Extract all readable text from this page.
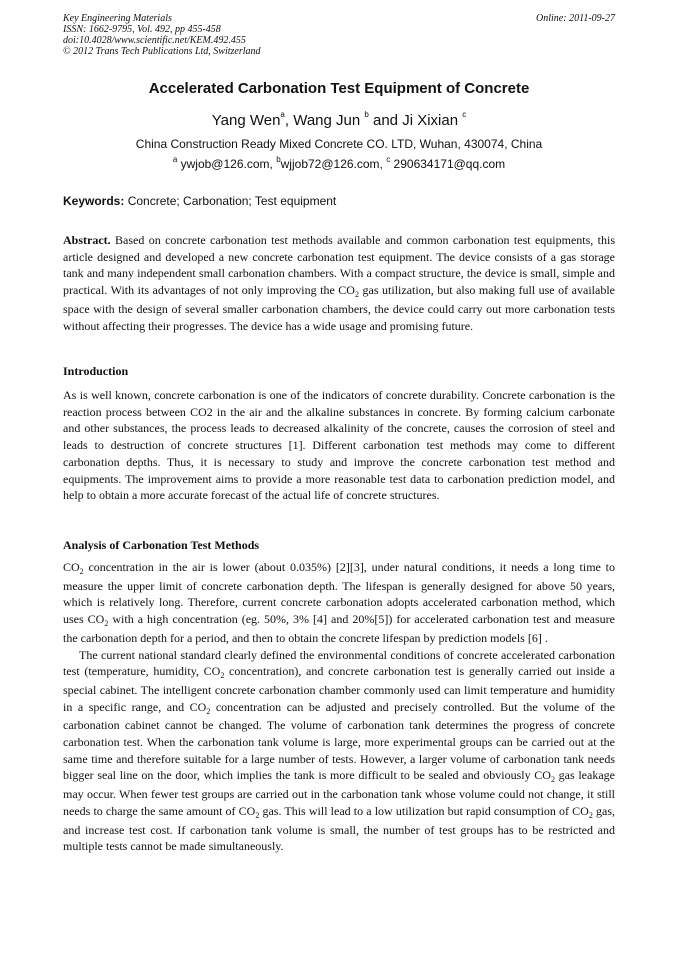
Key Engineering Materials
ISSN: 1662-9795, Vol. 492, pp 455-458
doi:10.4028/www.scientific.net/KEM.492.455
© 2012 Trans Tech Publications Ltd, Switzerland
Online: 2011-09-27
Accelerated Carbonation Test Equipment of Concrete
Yang Wen$^a$, Wang Jun $^b$ and Ji Xixian $^c$
China Construction Ready Mixed Concrete CO. LTD, Wuhan, 430074, China
$^a$ ywjob@126.com, $^b$wjjob72@126.com, $^c$ 290634171@qq.com
Keywords: Concrete; Carbonation; Test equipment

Abstract. Based on concrete carbonation test methods available and common carbonation test equipments, this article designed and developed a new concrete carbonation test equipment. The device consists of a gas storage tank and many independent small carbonation chambers. With a compact structure, the device is small, simple and practical. With its advantages of not only improving the $CO_2$ gas utilization, but also making full use of available space with the design of several smaller carbonation chambers, the device could carry out more carbonation tests without affecting their progresses. The device has a wide usage and promising future.

Introduction

As is well known, concrete carbonation is one of the indicators of concrete durability. Concrete carbonation is the reaction process between CO2 in the air and the alkaline substances in concrete. By forming calcium carbonate and other substances, the process leads to decreased alkalinity of the concrete, causes the corrosion of steel and leads to destruction of concrete structures [1]. Different carbonation test methods may come to different carbonation depths. Thus, it is necessary to study and improve the concrete carbonation test method and equipments. The improvement aims to provide a more reasonable test data to carbonation prediction model, and help to obtain a more accurate forecast of the actual life of concrete structures.

Analysis of Carbonation Test Methods

$CO_2$ concentration in the air is lower (about 0.035%) [2][3], under natural conditions, it needs a long time to measure the upper limit of concrete carbonation depth. The lifespan is generally designed for above 50 years, which is relatively long. Therefore, current concrete carbonation adopts accelerated carbonation method, which uses $CO_2$ with a high concentration (eg. 50%, 3% [4] and 20%[5]) for accelerated carbonation test and measure the carbonation depth for a period, and then to obtain the concrete lifespan by prediction models [6] .

The current national standard clearly defined the environmental conditions of concrete accelerated carbonation test (temperature, humidity, $CO_2$ concentration), and concrete carbonation test is generally carried out inside a special cabinet. The intelligent concrete carbonation chamber commonly used can limit temperature and humidity in a specific range, and $CO_2$ concentration can be adjusted and precisely controlled. But the volume of the carbonation cabinet cannot be changed. The volume of carbonation tank determines the progress of concrete carbonation test. When the carbonation tank volume is large, more experimental groups can be carried out at the same time and therefore suitable for a large number of tests. However, a larger volume of carbonation tank needs bigger seal line on the door, which implies the tank is more difficult to be sealed and obviously $CO_2$ gas leakage may occur. When fewer test groups are carried out in the carbonation tank whose volume could not change, it still needs to charge the same amount of $CO_2$ gas. This will lead to a low utilization but rapid consumption of $CO_2$ gas, and increase test cost. If carbonation tank volume is small, the number of test groups has to be restricted and multiple tests cannot be made simultaneously.
